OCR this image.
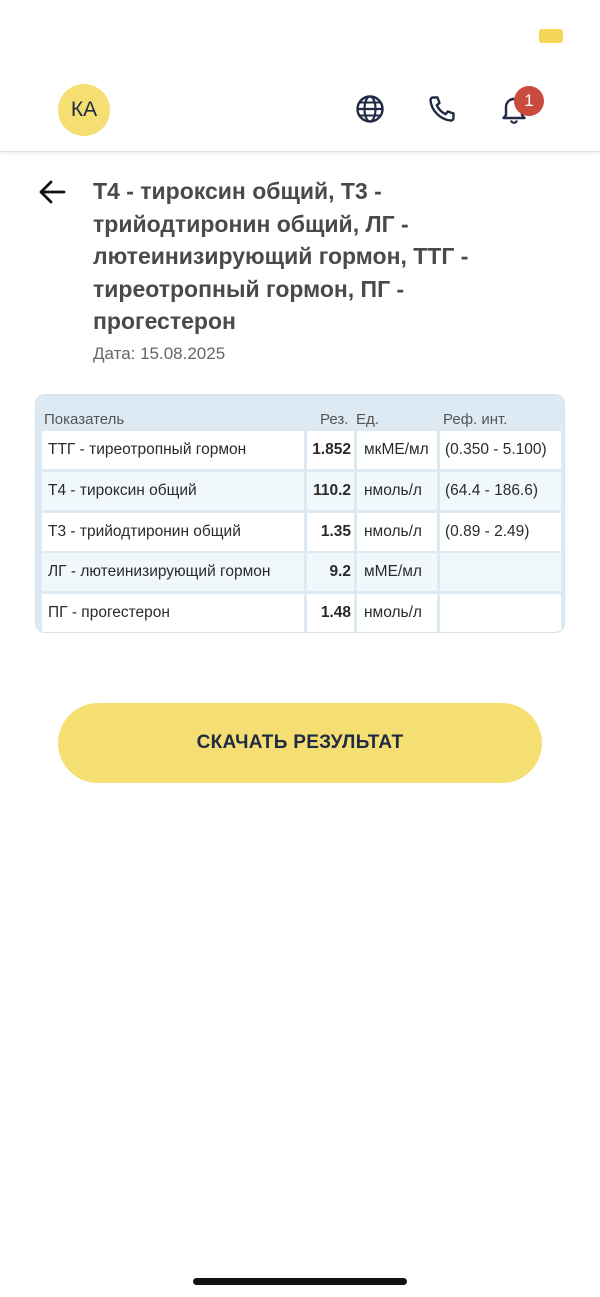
КА	1
Т4 - тироксин общий, Т3 - трийодтиронин общий, ЛГ - лютеинизирующий гормон, ТТГ - тиреотропный гормон, ПГ - прогестерон
Дата: 15.08.2025
Показатель	Рез. Ед.	Реф. инт.
ТТГ - тиреотропный гормон	1.852 мкМЕ/мл	(0.350 - 5.100)
Т4 - тироксин общий	110.2 нмоль/л	(64.4 - 186.6)
Т3 - трийодтиронин общий	1.35 нмоль/л	(0.89 - 2.49)
ЛГ - лютеинизирующий гормон	9.2 мМЕ/мл
ПГ - прогестерон	1.48 нмоль/л
СКАЧАТЬ РЕЗУЛЬТАТ
